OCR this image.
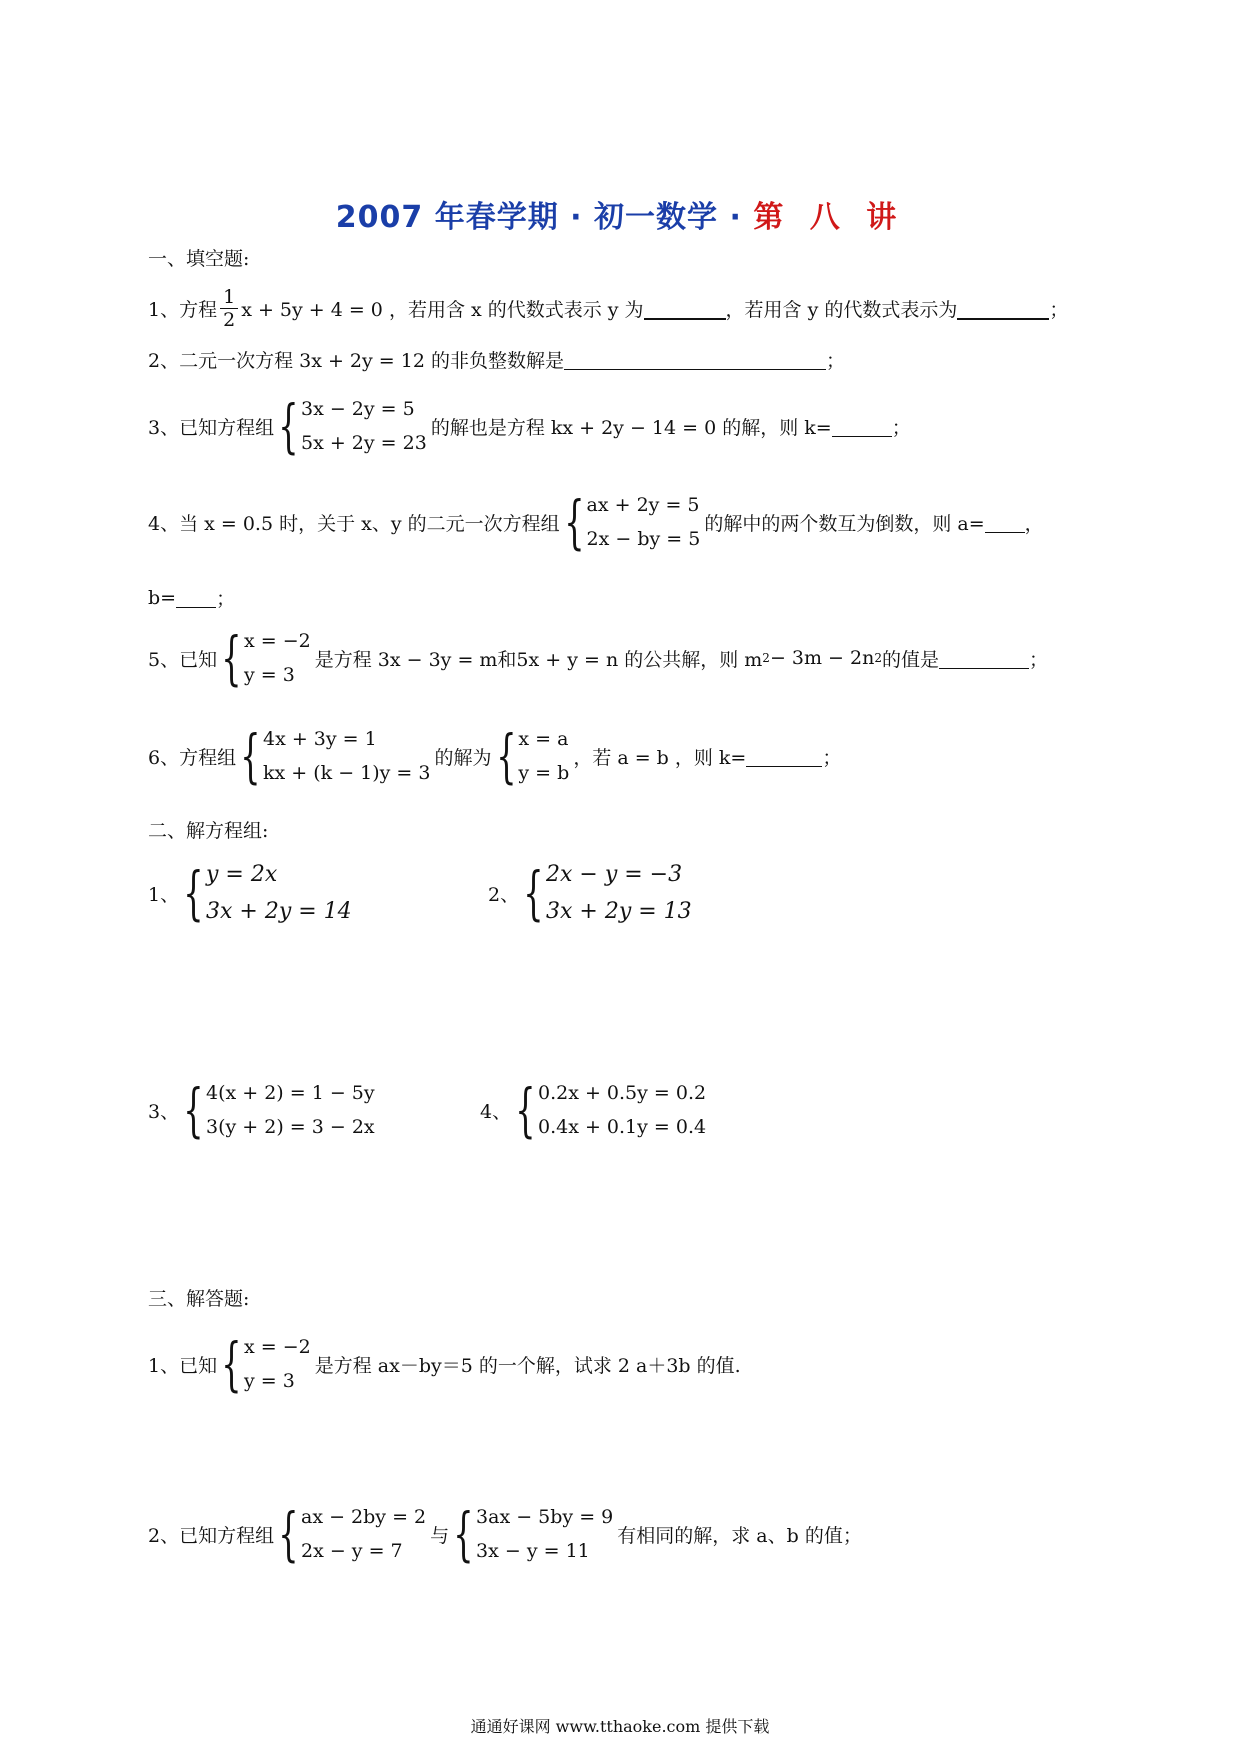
2007 年春学期 · 初一数学 · 第 八 讲
一、填空题:
1、方程 $\frac{1}{2}$ x + 5y + 4 = 0 ，若用含 x 的代数式表示 y 为	，若用含 y 的代数式表示为	；
2、二元一次方程 3x + 2y = 12 的非负整数解是	；
3、已知方程组 { 3x − 2y = 5
5x + 2y = 23
的解也是方程 kx + 2y − 14 = 0 的解，则 k=	；
4、当 x = 0.5 时，关于 x、y 的二元一次方程组 { ax + 2y = 5
2x − by = 5
的解中的两个数互为倒数，则 a= ，
b= ；
5、已知 { x = −2
y = 3
是方程 3x − 3y = m和5x + y = n 的公共解，则 m 2 − 3m − 2n 2 的值是	；
6、方程组 { 4x + 3y = 1
kx + (k − 1)y = 3
的解为 { x = a
y = b
，若 a = b ，则 k=	；
二、解方程组:
1、 { y = 2x
3x + 2y = 14
2、 { 2x − y = −3
3x + 2y = 13
3、 { 4(x + 2) = 1 − 5y
3(y + 2) = 3 − 2x
4、 { 0.2x + 0.5y = 0.2
0.4x + 0.1y = 0.4
三、解答题:
1、已知 { x = −2
y = 3
是方程 ax－by＝5 的一个解，试求 2 a＋3b 的值.
2、已知方程组 { ax − 2by = 2
2x − y = 7
与 { 3ax − 5by = 9
3x − y = 11
有相同的解，求 a、b 的值；
通通好课网 www.tthaoke.com 提供下载
